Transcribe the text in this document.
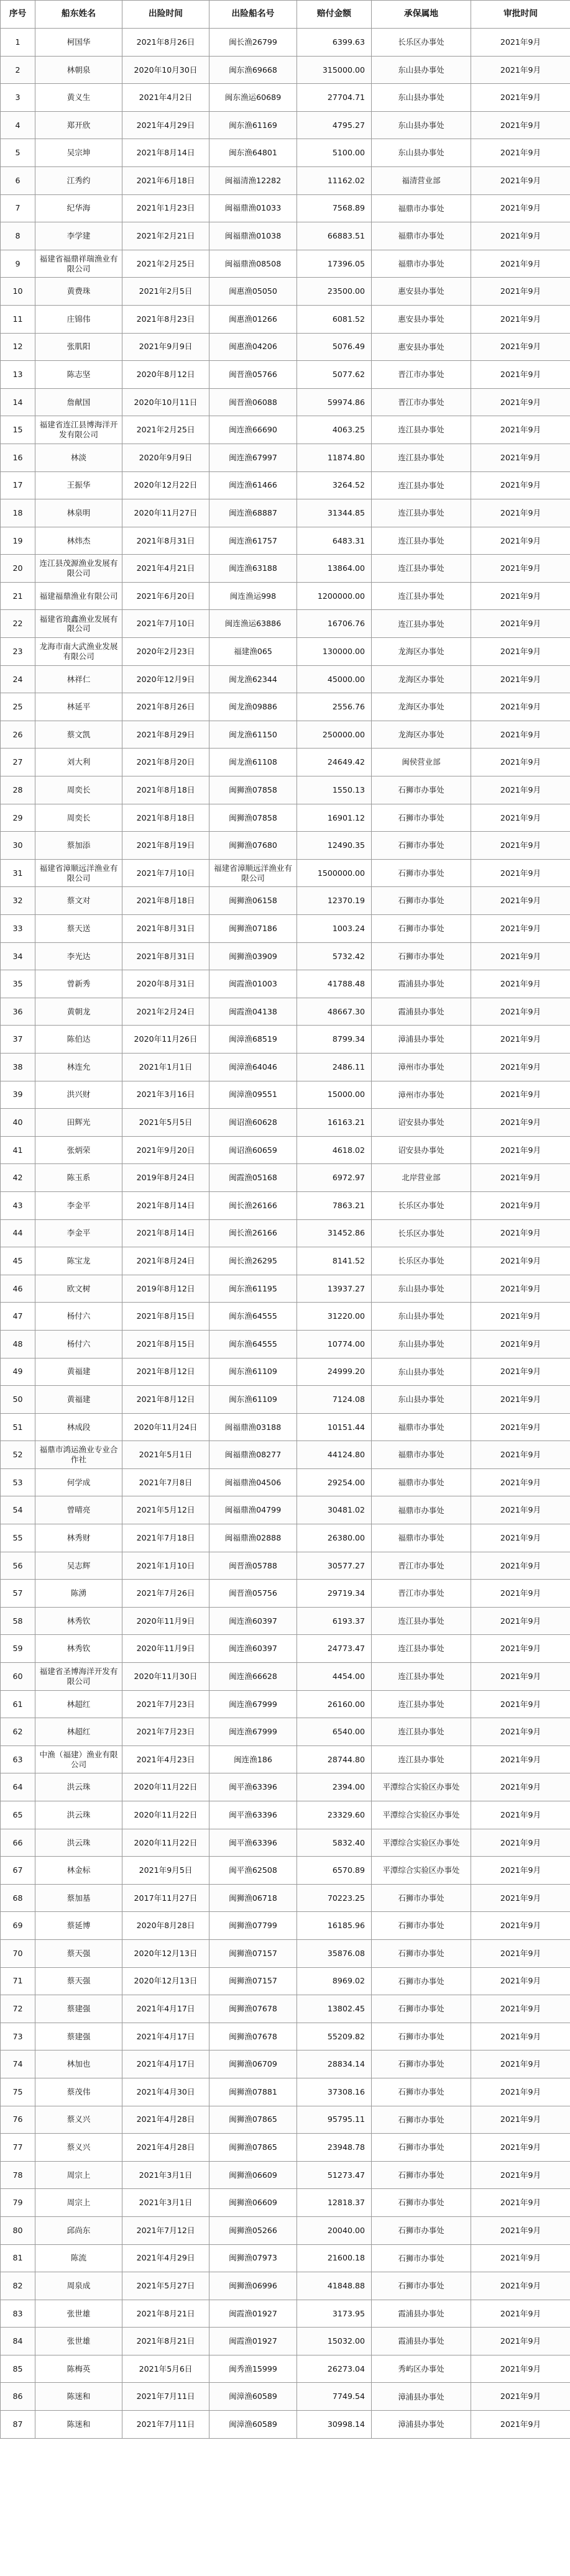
序号	船东姓名	出险时间	出险船名号	赔付金额	承保属地	审批时间
1	柯国华	2021年8月26日	闽长渔26799	6399.63	长乐区办事处	2021年9月
2	林朝泉	2020年10月30日	闽东渔69668	315000.00	东山县办事处	2021年9月
3	黄义生	2021年4月2日	闽东渔运60689	27704.71	东山县办事处	2021年9月
4	郑开欣	2021年4月29日	闽东渔61169	4795.27	东山县办事处	2021年9月
5	吴宗坤	2021年8月14日	闽东渔64801	5100.00	东山县办事处	2021年9月
6	江秀约	2021年6月18日	闽福清渔12282	11162.02	福清营业部	2021年9月
7	纪华海	2021年1月23日	闽福鼎渔01033	7568.89	福鼎市办事处	2021年9月
8	李学建	2021年2月21日	闽福鼎渔01038	66883.51	福鼎市办事处	2021年9月
9	福建省福鼎祥瑞渔业有限公司	2021年2月25日	闽福鼎渔08508	17396.05	福鼎市办事处	2021年9月
10	黄费珠	2021年2月5日	闽惠渔05050	23500.00	惠安县办事处	2021年9月
11	庄锦伟	2021年8月23日	闽惠渔01266	6081.52	惠安县办事处	2021年9月
12	张肌阳	2021年9月9日	闽惠渔04206	5076.49	惠安县办事处	2021年9月
13	陈志坚	2020年8月12日	闽晋渔05766	5077.62	晋江市办事处	2021年9月
14	詹献国	2020年10月11日	闽晋渔06088	59974.86	晋江市办事处	2021年9月
15	福建省连江县博海洋开发有限公司	2021年2月25日	闽连渔66690	4063.25	连江县办事处	2021年9月
16	林淡	2020年9月9日	闽连渔67997	11874.80	连江县办事处	2021年9月
17	王振华	2020年12月22日	闽连渔61466	3264.52	连江县办事处	2021年9月
18	林泉明	2020年11月27日	闽连渔68887	31344.85	连江县办事处	2021年9月
19	林炜杰	2021年8月31日	闽连渔61757	6483.31	连江县办事处	2021年9月
20	连江县茂源渔业发展有限公司	2021年4月21日	闽连渔63188	13864.00	连江县办事处	2021年9月
21	福建福鼎渔业有限公司	2021年6月20日	闽连渔运998	1200000.00	连江县办事处	2021年9月
22	福建省琅鑫渔业发展有限公司	2021年7月10日	闽连渔运63886	16706.76	连江县办事处	2021年9月
23	龙海市南大武渔业发展有限公司	2020年2月23日	福建渔065	130000.00	龙海区办事处	2021年9月
24	林祥仁	2020年12月9日	闽龙渔62344	45000.00	龙海区办事处	2021年9月
25	林延平	2021年8月26日	闽龙渔09886	2556.76	龙海区办事处	2021年9月
26	蔡文凯	2021年8月29日	闽龙渔61150	250000.00	龙海区办事处	2021年9月
27	刘大利	2021年8月20日	闽龙渔61108	24649.42	闽侯营业部	2021年9月
28	周奕长	2021年8月18日	闽狮渔07858	1550.13	石狮市办事处	2021年9月
29	周奕长	2021年8月18日	闽狮渔07858	16901.12	石狮市办事处	2021年9月
30	蔡加添	2021年8月19日	闽狮渔07680	12490.35	石狮市办事处	2021年9月
31	福建省漳顺远洋渔业有限公司	2021年7月10日	福建省漳顺远洋渔业有限公司	1500000.00	石狮市办事处	2021年9月
32	蔡文对	2021年8月18日	闽狮渔06158	12370.19	石狮市办事处	2021年9月
33	蔡天送	2021年8月31日	闽狮渔07186	1003.24	石狮市办事处	2021年9月
34	李光达	2021年8月31日	闽狮渔03909	5732.42	石狮市办事处	2021年9月
35	曾新秀	2020年8月31日	闽霞渔01003	41788.48	霞浦县办事处	2021年9月
36	黄朝龙	2021年2月24日	闽霞渔04138	48667.30	霞浦县办事处	2021年9月
37	陈伯达	2020年11月26日	闽漳渔68519	8799.34	漳浦县办事处	2021年9月
38	林连允	2021年1月1日	闽漳渔64046	2486.11	漳州市办事处	2021年9月
39	洪兴财	2021年3月16日	闽漳渔09551	15000.00	漳州市办事处	2021年9月
40	田辉光	2021年5月5日	闽诏渔60628	16163.21	诏安县办事处	2021年9月
41	张炳荣	2021年9月20日	闽诏渔60659	4618.02	诏安县办事处	2021年9月
42	陈玉系	2019年8月24日	闽霞渔05168	6972.97	北岸营业部	2021年9月
43	李金平	2021年8月14日	闽长渔26166	7863.21	长乐区办事处	2021年9月
44	李金平	2021年8月14日	闽长渔26166	31452.86	长乐区办事处	2021年9月
45	陈宝龙	2021年8月24日	闽长渔26295	8141.52	长乐区办事处	2021年9月
46	欧文树	2019年8月12日	闽东渔61195	13937.27	东山县办事处	2021年9月
47	杨付六	2021年8月15日	闽东渔64555	31220.00	东山县办事处	2021年9月
48	杨付六	2021年8月15日	闽东渔64555	10774.00	东山县办事处	2021年9月
49	黄福建	2021年8月12日	闽东渔61109	24999.20	东山县办事处	2021年9月
50	黄福建	2021年8月12日	闽东渔61109	7124.08	东山县办事处	2021年9月
51	林成段	2020年11月24日	闽福鼎渔03188	10151.44	福鼎市办事处	2021年9月
52	福鼎市鸿运渔业专业合作社	2021年5月1日	闽福鼎渔08277	44124.80	福鼎市办事处	2021年9月
53	何学成	2021年7月8日	闽福鼎渔04506	29254.00	福鼎市办事处	2021年9月
54	曾晴亮	2021年5月12日	闽福鼎渔04799	30481.02	福鼎市办事处	2021年9月
55	林秀财	2021年7月18日	闽福鼎渔02888	26380.00	福鼎市办事处	2021年9月
56	吴志辉	2021年1月10日	闽晋渔05788	30577.27	晋江市办事处	2021年9月
57	陈湧	2021年7月26日	闽晋渔05756	29719.34	晋江市办事处	2021年9月
58	林秀钦	2020年11月9日	闽连渔60397	6193.37	连江县办事处	2021年9月
59	林秀钦	2020年11月9日	闽连渔60397	24773.47	连江县办事处	2021年9月
60	福建省圣博海洋开发有限公司	2020年11月30日	闽连渔66628	4454.00	连江县办事处	2021年9月
61	林超红	2021年7月23日	闽连渔67999	26160.00	连江县办事处	2021年9月
62	林超红	2021年7月23日	闽连渔67999	6540.00	连江县办事处	2021年9月
63	中渔（福建）渔业有限公司	2021年4月23日	闽连渔186	28744.80	连江县办事处	2021年9月
64	洪云珠	2020年11月22日	闽平渔63396	2394.00	平潭综合实验区办事处	2021年9月
65	洪云珠	2020年11月22日	闽平渔63396	23329.60	平潭综合实验区办事处	2021年9月
66	洪云珠	2020年11月22日	闽平渔63396	5832.40	平潭综合实验区办事处	2021年9月
67	林金标	2021年9月5日	闽平渔62508	6570.89	平潭综合实验区办事处	2021年9月
68	蔡加基	2017年11月27日	闽狮渔06718	70223.25	石狮市办事处	2021年9月
69	蔡延博	2020年8月28日	闽狮渔07799	16185.96	石狮市办事处	2021年9月
70	蔡天强	2020年12月13日	闽狮渔07157	35876.08	石狮市办事处	2021年9月
71	蔡天强	2020年12月13日	闽狮渔07157	8969.02	石狮市办事处	2021年9月
72	蔡建强	2021年4月17日	闽狮渔07678	13802.45	石狮市办事处	2021年9月
73	蔡建强	2021年4月17日	闽狮渔07678	55209.82	石狮市办事处	2021年9月
74	林加也	2021年4月17日	闽狮渔06709	28834.14	石狮市办事处	2021年9月
75	蔡茂伟	2021年4月30日	闽狮渔07881	37308.16	石狮市办事处	2021年9月
76	蔡义兴	2021年4月28日	闽狮渔07865	95795.11	石狮市办事处	2021年9月
77	蔡义兴	2021年4月28日	闽狮渔07865	23948.78	石狮市办事处	2021年9月
78	周宗上	2021年3月1日	闽狮渔06609	51273.47	石狮市办事处	2021年9月
79	周宗上	2021年3月1日	闽狮渔06609	12818.37	石狮市办事处	2021年9月
80	邱尚东	2021年7月12日	闽狮渔05266	20040.00	石狮市办事处	2021年9月
81	陈流	2021年4月29日	闽狮渔07973	21600.18	石狮市办事处	2021年9月
82	周泉成	2021年5月27日	闽狮渔06996	41848.88	石狮市办事处	2021年9月
83	张世雄	2021年8月21日	闽霞渔01927	3173.95	霞浦县办事处	2021年9月
84	张世雄	2021年8月21日	闽霞渔01927	15032.00	霞浦县办事处	2021年9月
85	陈梅英	2021年5月6日	闽秀渔15999	26273.04	秀屿区办事处	2021年9月
86	陈迷和	2021年7月11日	闽漳渔60589	7749.54	漳浦县办事处	2021年9月
87	陈迷和	2021年7月11日	闽漳渔60589	30998.14	漳浦县办事处	2021年9月
